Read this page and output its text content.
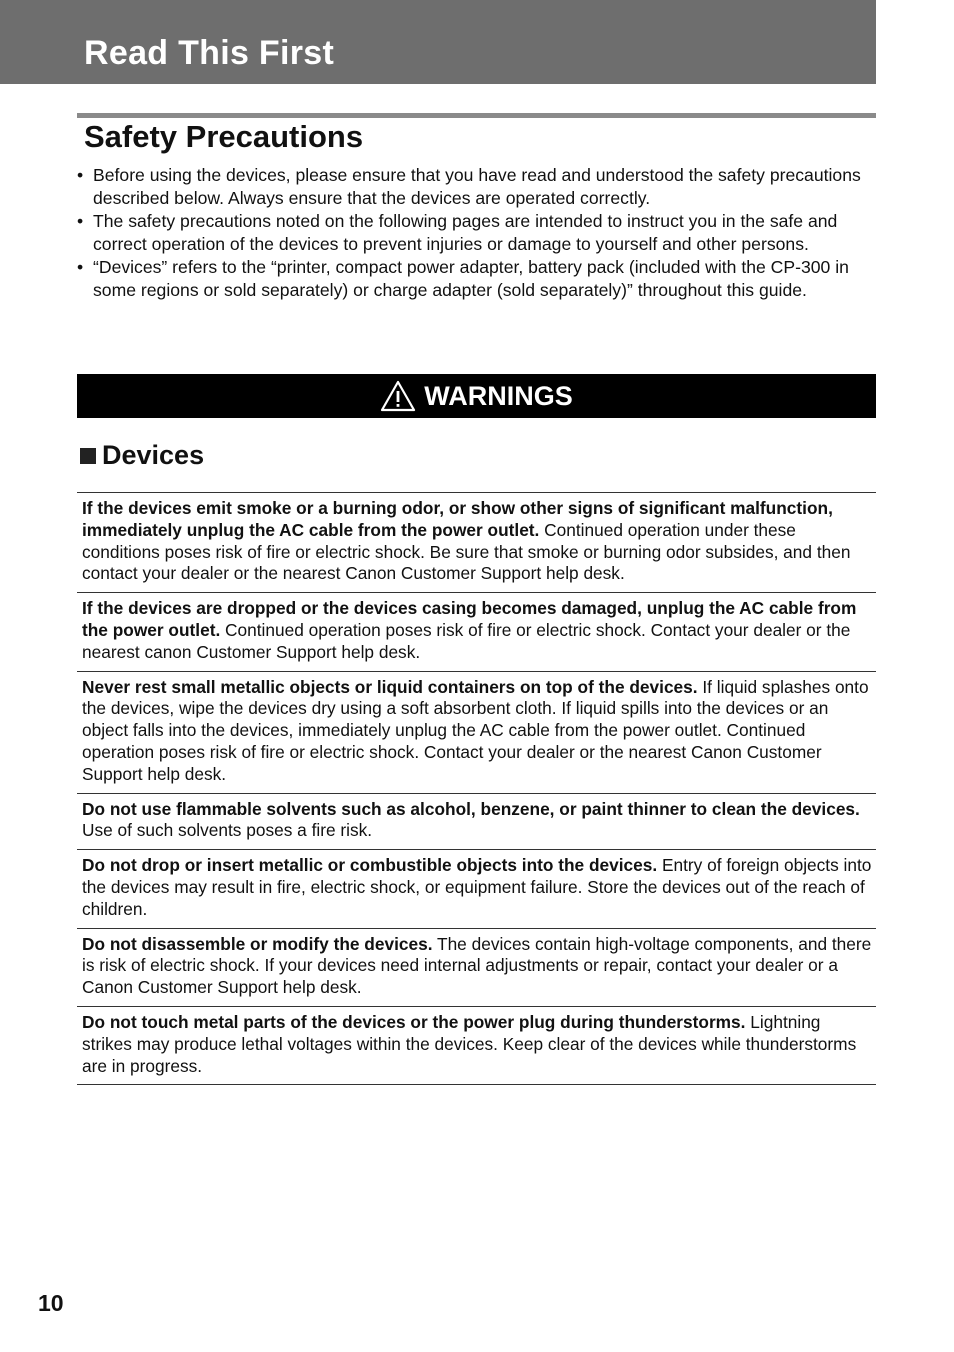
Read This First
Safety Precautions
• Before using the devices, please ensure that you have read and understood the safety precautions described below. Always ensure that the devices are operated correctly.
• The safety precautions noted on the following pages are intended to instruct you in the safe and correct operation of the devices to prevent injuries or damage to yourself and other persons.
• “Devices” refers to the “printer, compact power adapter, battery pack (included with the CP-300 in some regions or sold separately) or charge adapter (sold separately)” throughout this guide.
WARNINGS
Devices
If the devices emit smoke or a burning odor, or show other signs of significant malfunction, immediately unplug the AC cable from the power outlet. Continued operation under these conditions poses risk of fire or electric shock. Be sure that smoke or burning odor subsides, and then contact your dealer or the nearest Canon Customer Support help desk.
If the devices are dropped or the devices casing becomes damaged, unplug the AC cable from the power outlet. Continued operation poses risk of fire or electric shock. Contact your dealer or the nearest canon Customer Support help desk.
Never rest small metallic objects or liquid containers on top of the devices. If liquid splashes onto the devices, wipe the devices dry using a soft absorbent cloth. If liquid spills into the devices or an object falls into the devices, immediately unplug the AC cable from the power outlet. Continued operation poses risk of fire or electric shock. Contact your dealer or the nearest Canon Customer Support help desk.
Do not use flammable solvents such as alcohol, benzene, or paint thinner to clean the devices. Use of such solvents poses a fire risk.
Do not drop or insert metallic or combustible objects into the devices. Entry of foreign objects into the devices may result in fire, electric shock, or equipment failure. Store the devices out of the reach of children.
Do not disassemble or modify the devices. The devices contain high-voltage components, and there is risk of electric shock. If your devices need internal adjustments or repair, contact your dealer or a Canon Customer Support help desk.
Do not touch metal parts of the devices or the power plug during thunderstorms. Lightning strikes may produce lethal voltages within the devices. Keep clear of the devices while thunderstorms are in progress.
10
